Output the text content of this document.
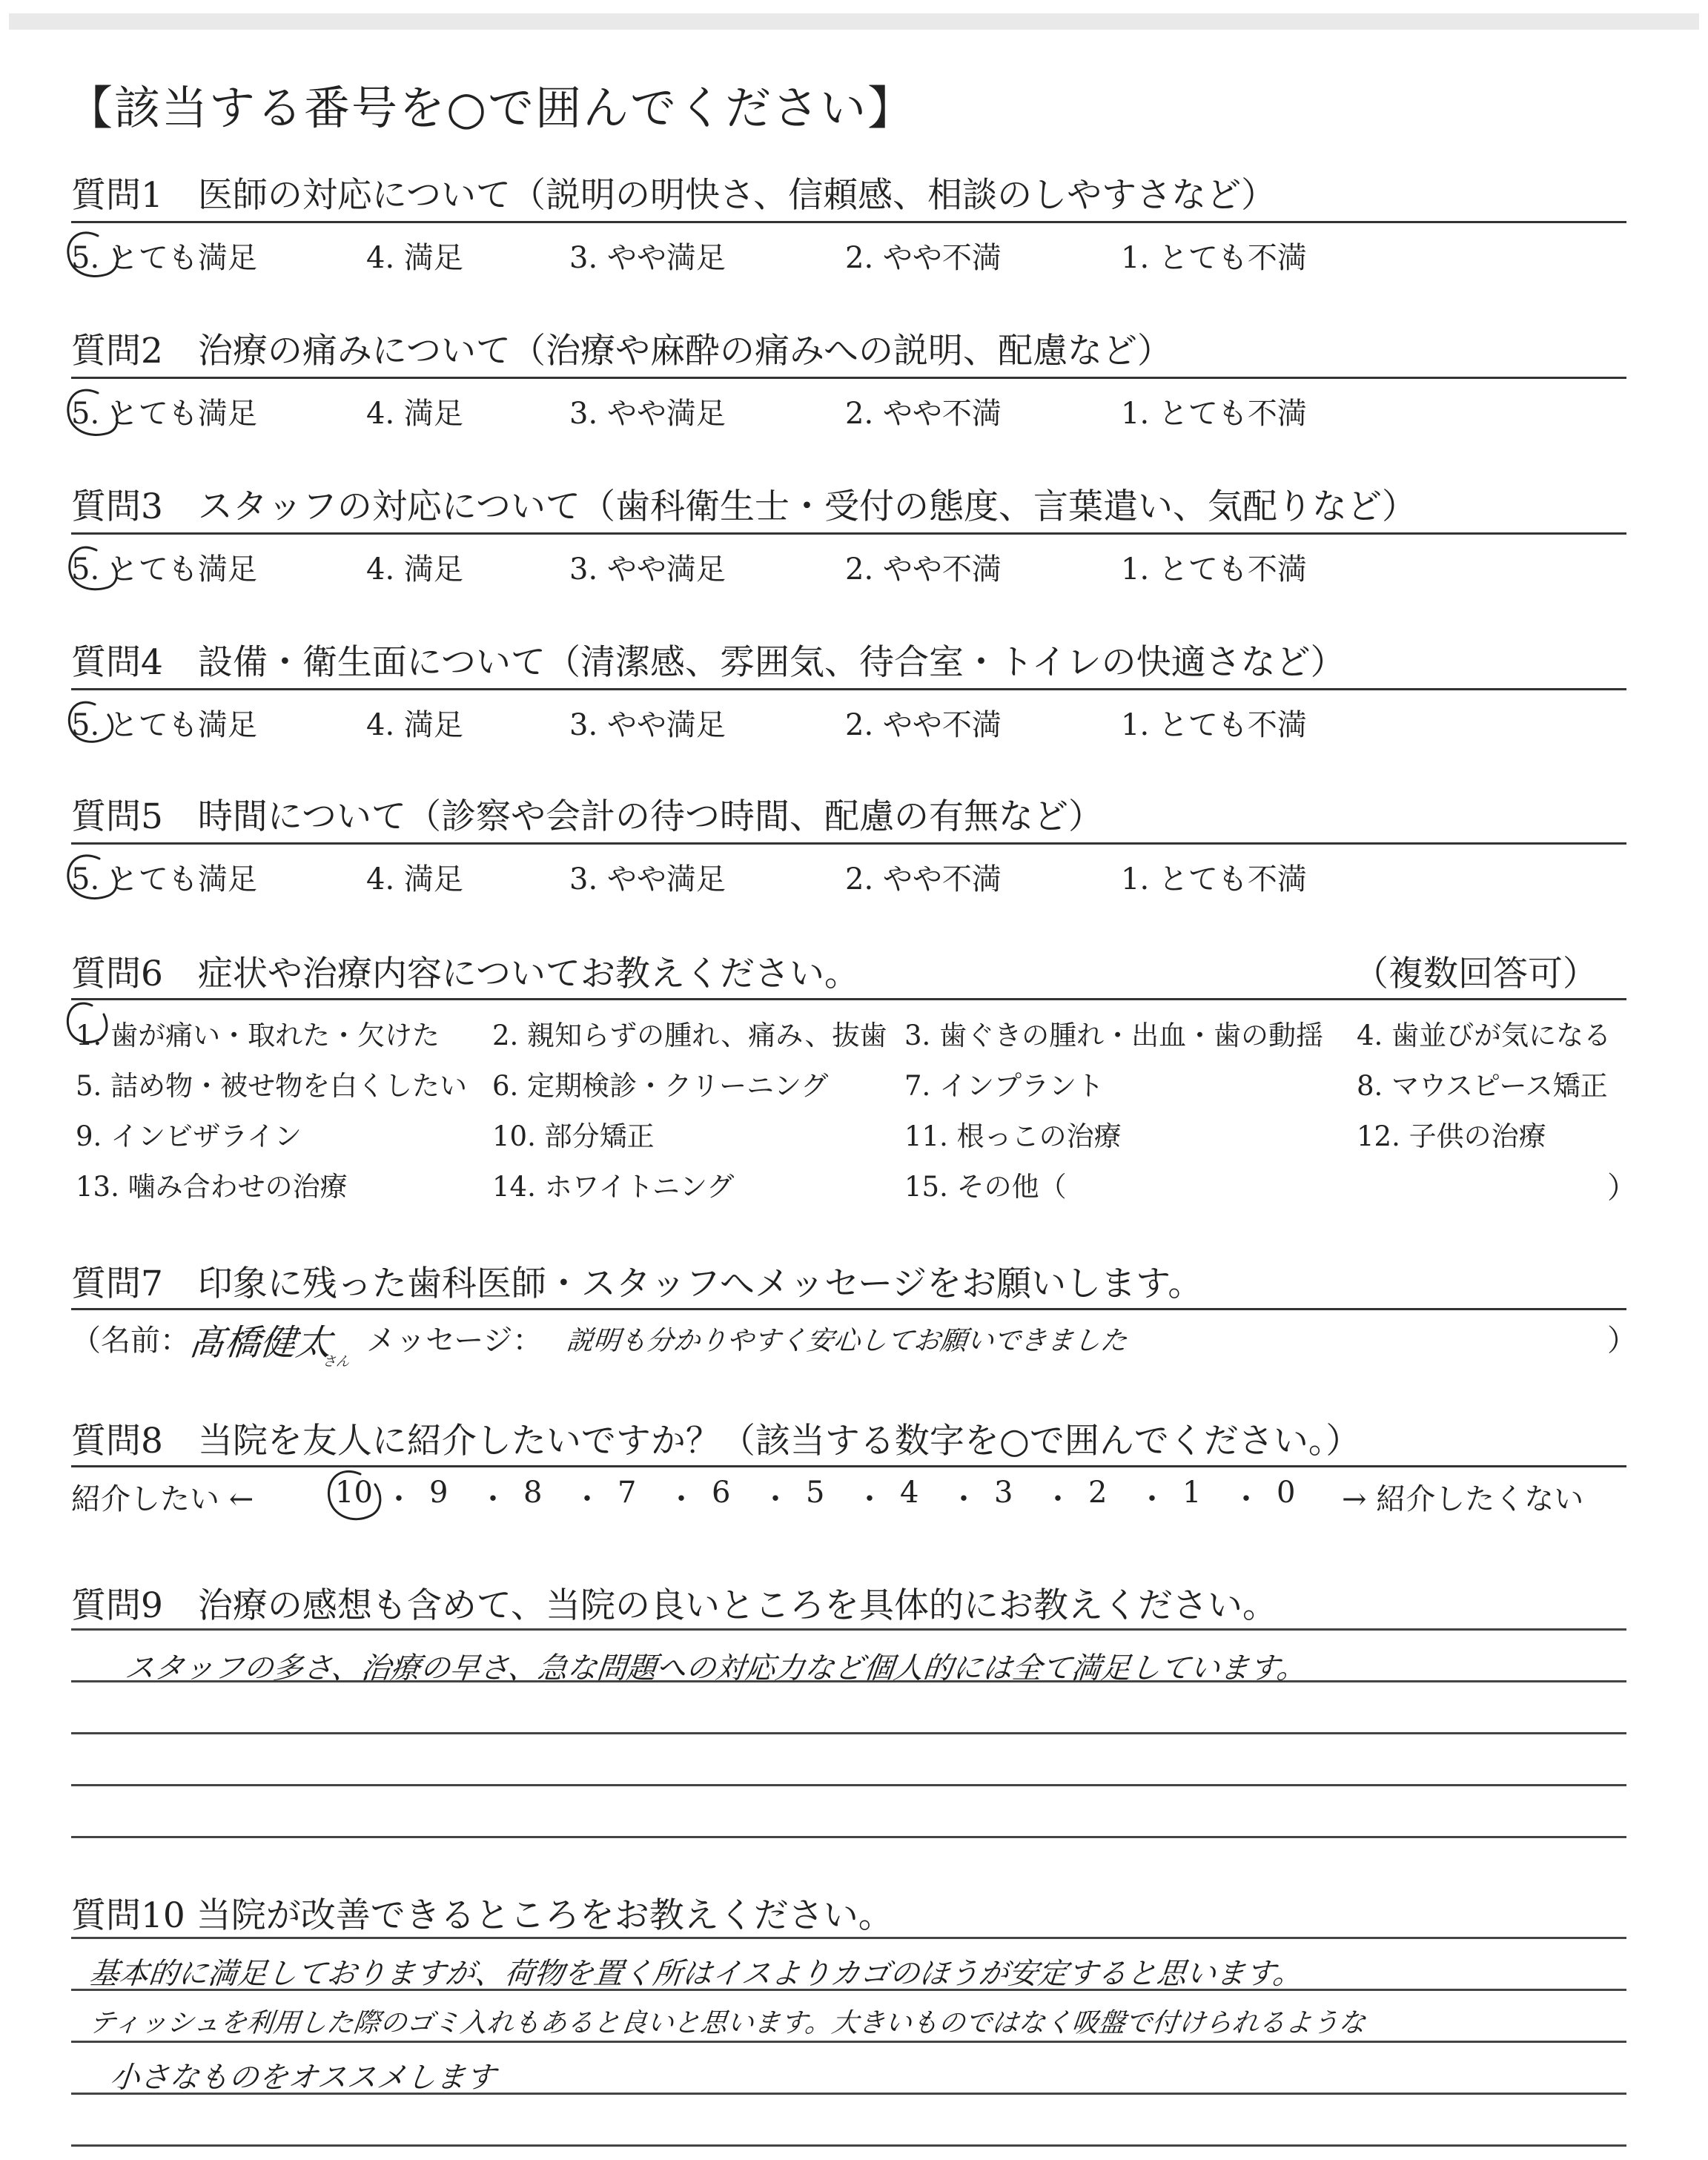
【該当する番号を○で囲んでください】
質問1　医師の対応について（説明の明快さ、信頼感、相談のしやすさなど）
5. とても満足	4. 満足	3. やや満足	2. やや不満	1. とても不満
質問2　治療の痛みについて（治療や麻酔の痛みへの説明、配慮など）
5. とても満足	4. 満足	3. やや満足	2. やや不満	1. とても不満
質問3　スタッフの対応について（歯科衛生士・受付の態度、言葉遣い、気配りなど）
5. とても満足	4. 満足	3. やや満足	2. やや不満	1. とても不満
質問4　設備・衛生面について（清潔感、雰囲気、待合室・トイレの快適さなど）
5. とても満足	4. 満足	3. やや満足	2. やや不満	1. とても不満
質問5　時間について（診察や会計の待つ時間、配慮の有無など）
5. とても満足	4. 満足	3. やや満足	2. やや不満	1. とても不満
質問6　症状や治療内容についてお教えください。	（複数回答可）
1. 歯が痛い・取れた・欠けた 2. 親知らずの腫れ、痛み、抜歯 3. 歯ぐきの腫れ・出血・歯の動揺 4. 歯並びが気になる
5. 詰め物・被せ物を白くしたい 6. 定期検診・クリーニング	7. インプラント	8. マウスピース矯正
9. インビザライン	10. 部分矯正	11. 根っこの治療	12. 子供の治療
13. 噛み合わせの治療	14. ホワイトニング	15. その他（	）
質問7　印象に残った歯科医師・スタッフへメッセージをお願いします。
（名前：
髙橋健太
さん
メッセージ： 説明も分かりやすく安心してお願いできました	）
質問8　当院を友人に紹介したいですか？（該当する数字を○で囲んでください。）
紹介したい ←	10 ・ 9 ・ 8 ・ 7 ・ 6 ・ 5 ・ 4 ・ 3 ・ 2 ・ 1 ・ 0 → 紹介したくない
質問9　治療の感想も含めて、当院の良いところを具体的にお教えください。
スタッフの多さ、治療の早さ、急な問題への対応力など個人的には全て満足しています。
質問10 当院が改善できるところをお教えください。
基本的に満足しておりますが、荷物を置く所はイスよりカゴのほうが安定すると思います。
ティッシュを利用した際のゴミ入れもあると良いと思います。大きいものではなく吸盤で付けられるような
小さなものをオススメします
